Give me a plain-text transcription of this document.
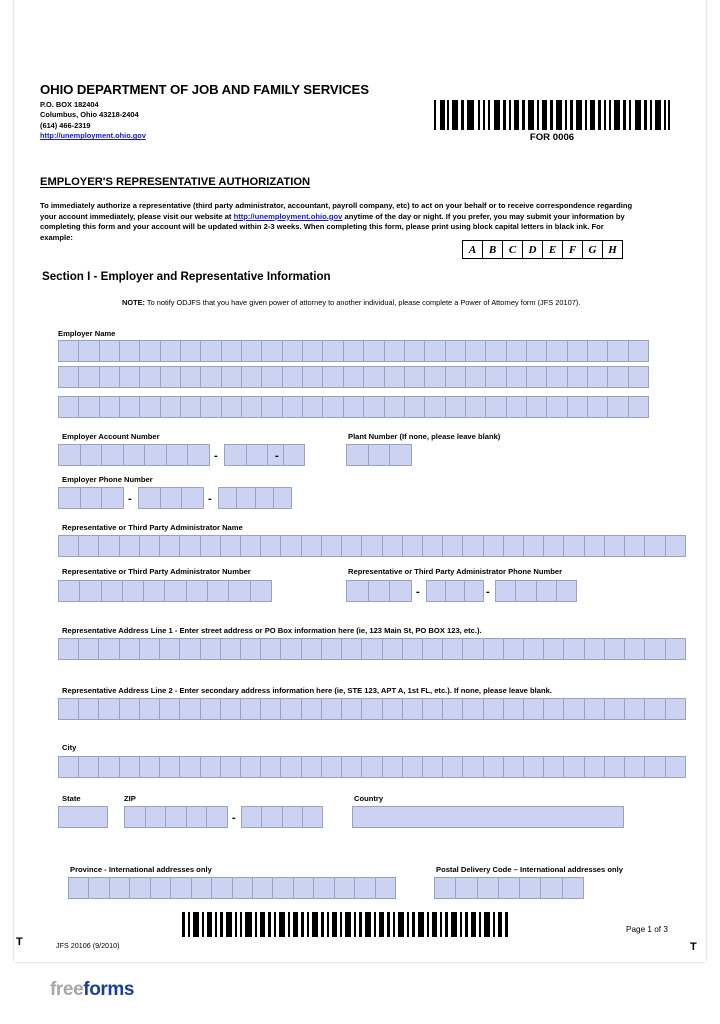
OHIO DEPARTMENT OF JOB AND FAMILY SERVICES
P.O. BOX 182404
Columbus, Ohio 43218-2404
(614) 466-2319
http://unemployment.ohio.gov	FOR 0006
EMPLOYER'S REPRESENTATIVE AUTHORIZATION
To immediately authorize a representative (third party administrator, accountant, payroll company, etc) to act on your behalf or to receive correspondence regarding your account immediately, please visit our website at http://unemployment.ohio.gov anytime of the day or night. If you prefer, you may submit your information by completing this form and your account will be updated within 2-3 weeks. When completing this form, please print using block capital letters in black ink. For example:
A	B	C	D	E	F	G	H
Section I - Employer and Representative Information
NOTE: To notify ODJFS that you have given power of attorney to another individual, please complete a Power of Attorney form (JFS 20107).
Employer Name
Employer Account Number
-	-
Plant Number (If none, please leave blank)
Employer Phone Number
-	-
Representative or Third Party Administrator Name
Representative or Third Party Administrator Number	Representative or Third Party Administrator Phone Number
-	-
Representative Address Line 1 - Enter street address or PO Box information here (ie, 123 Main St, PO BOX 123, etc.).
Representative Address Line 2 - Enter secondary address information here (ie, STE 123, APT A, 1st FL, etc.). If none, please leave blank.
City
State	ZIP
-
Country
Province - International addresses only	Postal Delivery Code – International addresses only
JFS 20106 (9/2010)
Page 1 of 3
T	T
freeforms
